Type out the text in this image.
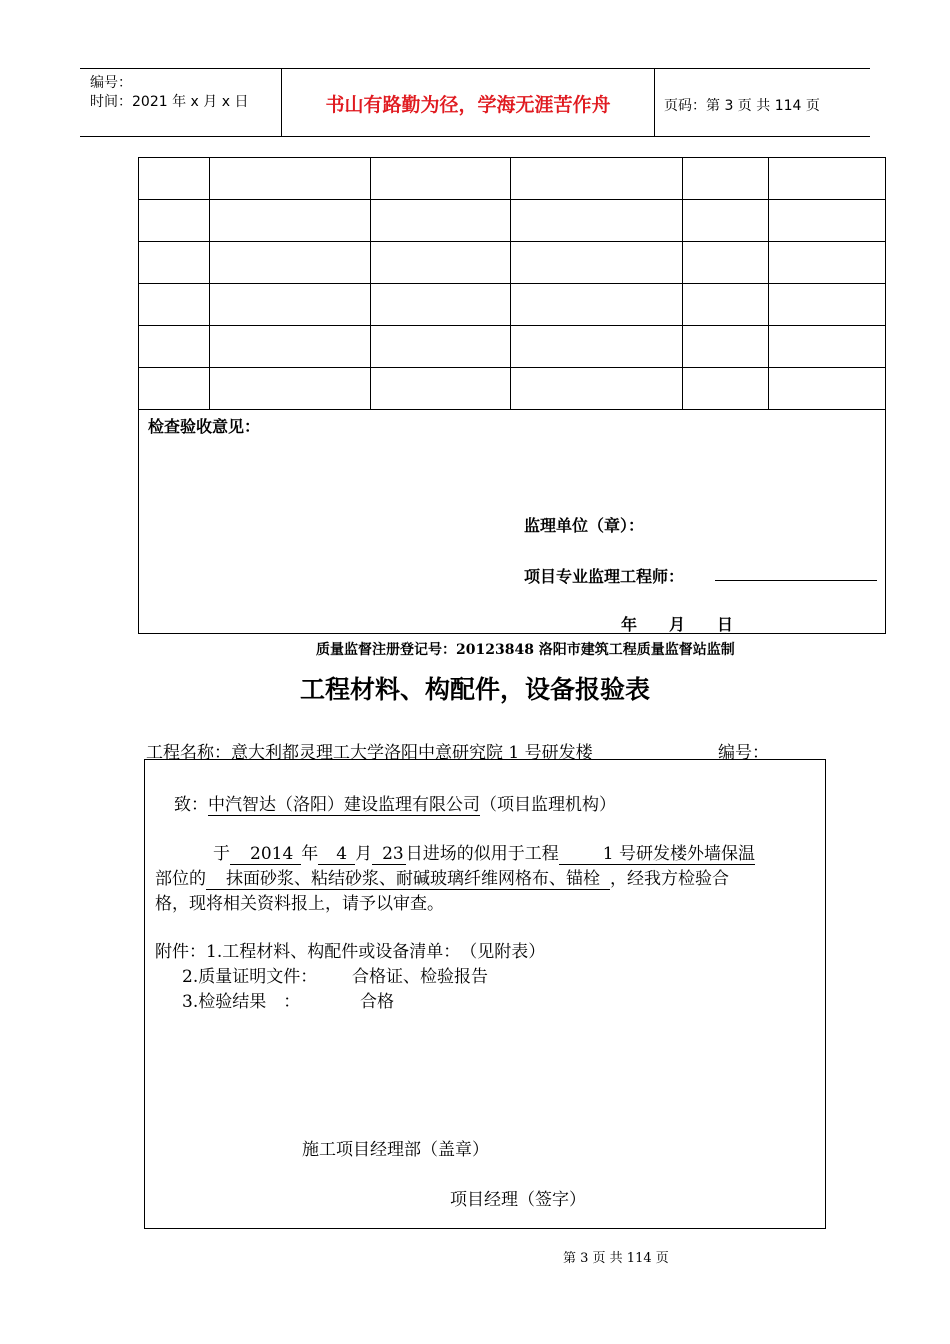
编号：
时间：2021 年 x 月 x 日	书山有路勤为径，学海无涯苦作舟	页码：第 3 页 共 114 页

检查验收意见：
监理单位（章）：
项目专业监理工程师：
年 月 日
质量监督注册登记号：20123848 洛阳市建筑工程质量监督站监制
工程材料、构配件，设备报验表
工程名称：意大利都灵理工大学洛阳中意研究院 1 号研发楼	编号：
致：中汽智达（洛阳）建设监理有限公司（项目监理机构）
于 2014 年 4 月 23 日进场的似用于工程	1 号研发楼外墙保温
部位的 抹面砂浆、粘结砂浆、耐碱玻璃纤维网格布、锚栓 ，经我方检验合
格，现将相关资料报上，请予以审查。
附件：1.工程材料、构配件或设备清单：　（见附表）
2.质量证明文件： 合格证、检验报告
3.检验结果　：	合格
施工项目经理部（盖章）
项目经理（签字）
第 3 页 共 114 页
